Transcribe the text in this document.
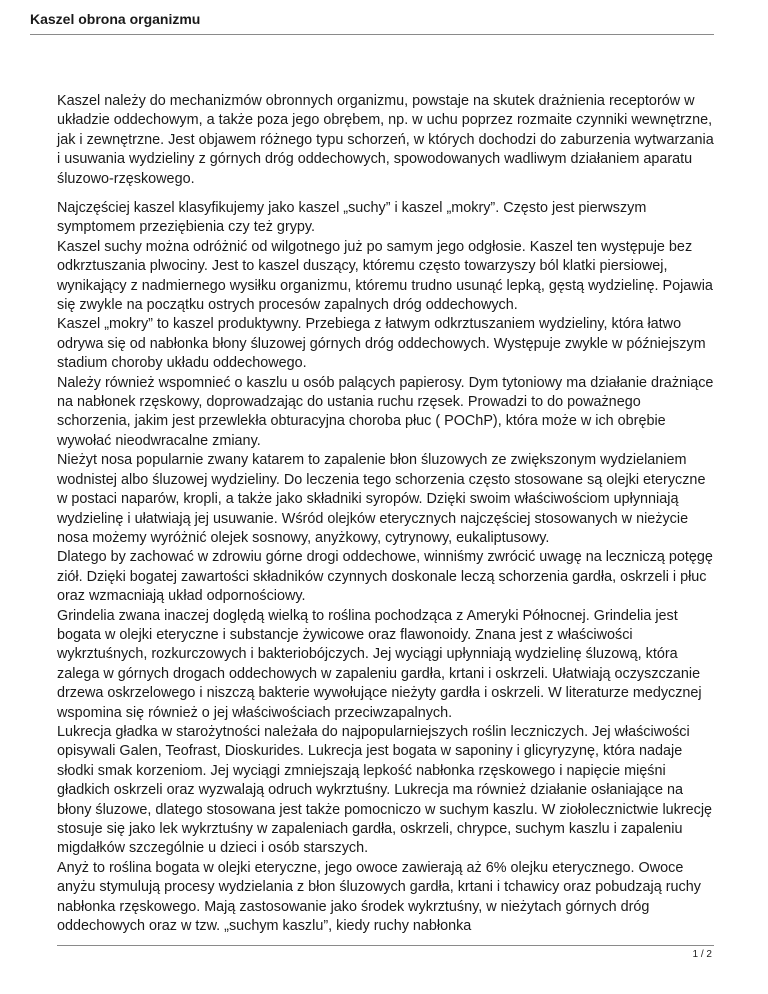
Kaszel obrona organizmu

Kaszel należy do mechanizmów obronnych organizmu, powstaje na skutek drażnienia receptorów w układzie oddechowym, a także poza jego obrębem, np. w uchu poprzez rozmaite czynniki wewnętrzne, jak i zewnętrzne. Jest objawem różnego typu schorzeń, w których dochodzi do zaburzenia wytwarzania i usuwania wydzieliny z górnych dróg oddechowych, spowodowanych wadliwym działaniem aparatu śluzowo-rzęskowego.

Najczęściej kaszel klasyfikujemy jako kaszel „suchy” i kaszel „mokry”. Często jest pierwszym symptomem przeziębienia czy też grypy.

Kaszel suchy można odróżnić od wilgotnego już po samym jego odgłosie. Kaszel ten występuje bez odkrztuszania plwociny. Jest to kaszel duszący, któremu często towarzyszy ból klatki piersiowej, wynikający z nadmiernego wysiłku organizmu, któremu trudno usunąć lepką, gęstą wydzielinę. Pojawia się zwykle na początku ostrych procesów zapalnych dróg oddechowych.

Kaszel „mokry” to kaszel produktywny. Przebiega z łatwym odkrztuszaniem wydzieliny, która łatwo odrywa się od nabłonka błony śluzowej górnych dróg oddechowych. Występuje zwykle w późniejszym stadium choroby układu oddechowego.

Należy również wspomnieć o kaszlu u osób palących papierosy. Dym tytoniowy ma działanie drażniące na nabłonek rzęskowy, doprowadzając do ustania ruchu rzęsek. Prowadzi to do poważnego schorzenia, jakim jest przewlekła obturacyjna choroba płuc ( POChP), która może w ich obrębie wywołać nieodwracalne zmiany.

Nieżyt nosa popularnie zwany katarem to zapalenie błon śluzowych ze zwiększonym wydzielaniem wodnistej albo śluzowej wydzieliny. Do leczenia tego schorzenia często stosowane są olejki eteryczne w postaci naparów, kropli, a także jako składniki syropów. Dzięki swoim właściwościom upłynniają wydzielinę i ułatwiają jej usuwanie. Wśród olejków eterycznych najczęściej stosowanych w nieżycie nosa możemy wyróżnić olejek sosnowy, anyżkowy, cytrynowy, eukaliptusowy.

Dlatego by zachować w zdrowiu górne drogi oddechowe, winniśmy zwrócić uwagę na leczniczą potęgę ziół. Dzięki bogatej zawartości składników czynnych doskonale leczą schorzenia gardła, oskrzeli i płuc oraz wzmacniają układ odpornościowy.

Grindelia zwana inaczej doględą wielką to roślina pochodząca z Ameryki Północnej. Grindelia jest bogata w olejki eteryczne i substancje żywicowe oraz flawonoidy. Znana jest z właściwości wykrztuśnych, rozkurczowych i bakteriobójczych. Jej wyciągi upłynniają wydzielinę śluzową, która zalega w górnych drogach oddechowych w zapaleniu gardła, krtani i oskrzeli. Ułatwiają oczyszczanie drzewa oskrzelowego i niszczą bakterie wywołujące nieżyty gardła i oskrzeli. W literaturze medycznej wspomina się również o jej właściwościach przeciwzapalnych.

Lukrecja gładka w starożytności należała do najpopularniejszych roślin leczniczych. Jej właściwości opisywali Galen, Teofrast, Dioskurides. Lukrecja jest bogata w saponiny i glicyryzynę, która nadaje słodki smak korzeniom. Jej wyciągi zmniejszają lepkość nabłonka rzęskowego i napięcie mięśni gładkich oskrzeli oraz wyzwalają odruch wykrztuśny. Lukrecja ma również działanie osłaniające na błony śluzowe, dlatego stosowana jest także pomocniczo w suchym kaszlu. W ziołolecznictwie lukrecję stosuje się jako lek wykrztuśny w zapaleniach gardła, oskrzeli, chrypce, suchym kaszlu i zapaleniu migdałków szczególnie u dzieci i osób starszych.

Anyż to roślina bogata w olejki eteryczne, jego owoce zawierają aż 6% olejku eterycznego. Owoce anyżu stymulują procesy wydzielania z błon śluzowych gardła, krtani i tchawicy oraz pobudzają ruchy nabłonka rzęskowego. Mają zastosowanie jako środek wykrztuśny, w nieżytach górnych dróg oddechowych oraz w tzw. „suchym kaszlu”, kiedy ruchy nabłonka

1 / 2
